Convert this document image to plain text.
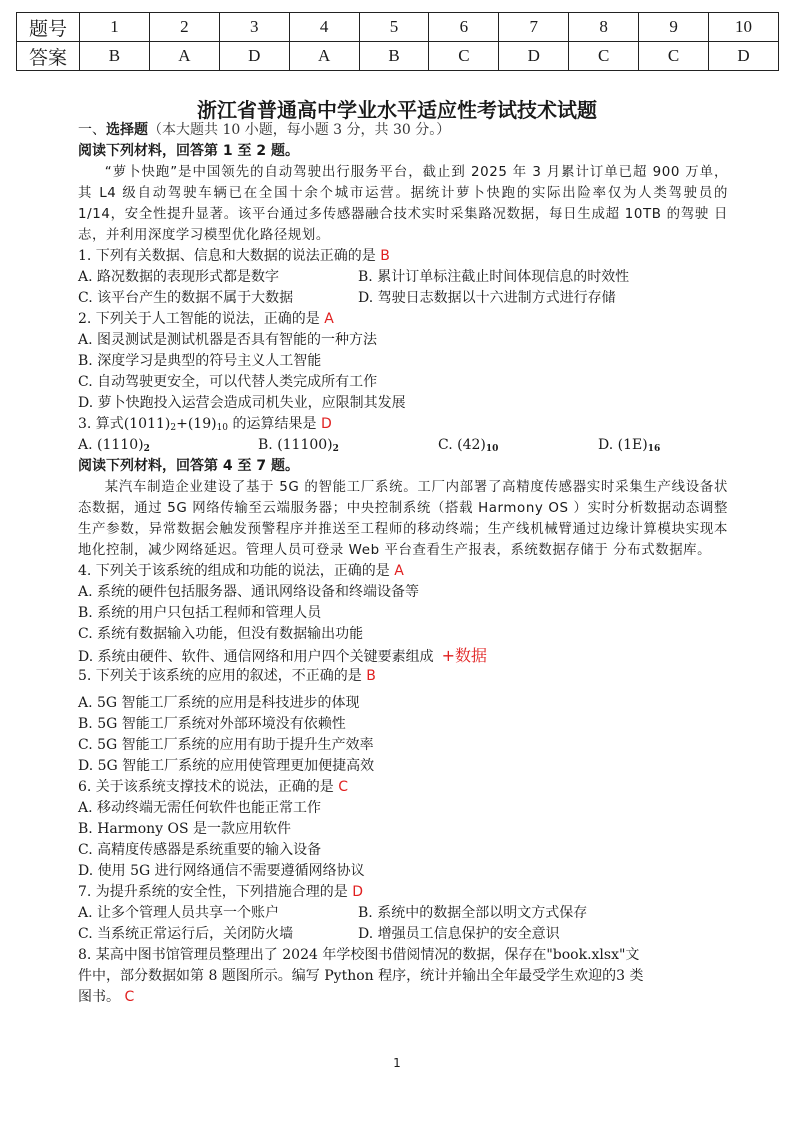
题号	1	2	3	4	5	6	7	8	9	10
答案	B	A	D	A	B	C	D	C	C	D
浙江省普通高中学业水平适应性考试技术试题
一、选择题（本大题共 10 小题，每小题 3 分，共 30 分。）
阅读下列材料，回答第 1 至 2 题。
“萝卜快跑”是中国领先的自动驾驶出行服务平台，截止到 2025 年 3 月累计订单已超 900 万单， 其 L4 级自动驾驶车辆已在全国十余个城市运营。据统计萝卜快跑的实际出险率仅为人类驾驶员的 1/14，安全性提升显著。该平台通过多传感器融合技术实时采集路况数据，每日生成超 10TB 的驾驶 日志，并利用深度学习模型优化路径规划。
1. 下列有关数据、信息和大数据的说法正确的是 B
A. 路况数据的表现形式都是数字	B. 累计订单标注截止时间体现信息的时效性
C. 该平台产生的数据不属于大数据	D. 驾驶日志数据以十六进制方式进行存储
2. 下列关于人工智能的说法，正确的是 A
A. 图灵测试是测试机器是否具有智能的一种方法
B. 深度学习是典型的符号主义人工智能
C. 自动驾驶更安全，可以代替人类完成所有工作
D. 萝卜快跑投入运营会造成司机失业，应限制其发展
3. 算式$(1011)_2+(19)_{10}$ 的运算结果是 D
A. $(1110)_2$	B. $(11100)_2$	C. $(42)_{10}$	D. $(1E)_{16}$
阅读下列材料，回答第 4 至 7 题。
某汽车制造企业建设了基于 5G 的智能工厂系统。工厂内部署了高精度传感器实时采集生产线设备状态数据，通过 5G 网络传输至云端服务器；中央控制系统（搭载 Harmony OS ）实时分析数据动态调整生产参数，异常数据会触发预警程序并推送至工程师的移动终端；生产线机械臂通过边缘计算模块实现本地化控制，减少网络延迟。管理人员可登录 Web 平台查看生产报表，系统数据存储于 分布式数据库。
4. 下列关于该系统的组成和功能的说法，正确的是 A
A. 系统的硬件包括服务器、通讯网络设备和终端设备等
B. 系统的用户只包括工程师和管理人员
C. 系统有数据输入功能，但没有数据输出功能
D. 系统由硬件、软件、通信网络和用户四个关键要素组成 +数据
5. 下列关于该系统的应用的叙述，不正确的是 B
A. 5G 智能工厂系统的应用是科技进步的体现
B. 5G 智能工厂系统对外部环境没有依赖性
C. 5G 智能工厂系统的应用有助于提升生产效率
D. 5G 智能工厂系统的应用使管理更加便捷高效
6. 关于该系统支撑技术的说法，正确的是 C
A. 移动终端无需任何软件也能正常工作
B. Harmony OS 是一款应用软件
C. 高精度传感器是系统重要的输入设备
D. 使用 5G 进行网络通信不需要遵循网络协议
7. 为提升系统的安全性，下列措施合理的是 D
A. 让多个管理人员共享一个账户	B. 系统中的数据全部以明文方式保存
C. 当系统正常运行后，关闭防火墙	D. 增强员工信息保护的安全意识
8. 某高中图书馆管理员整理出了 2024 年学校图书借阅情况的数据，保存在"book.xlsx"文
件中，部分数据如第 8 题图所示。编写 Python 程序，统计并输出全年最受学生欢迎的3 类
图书。 C
1
